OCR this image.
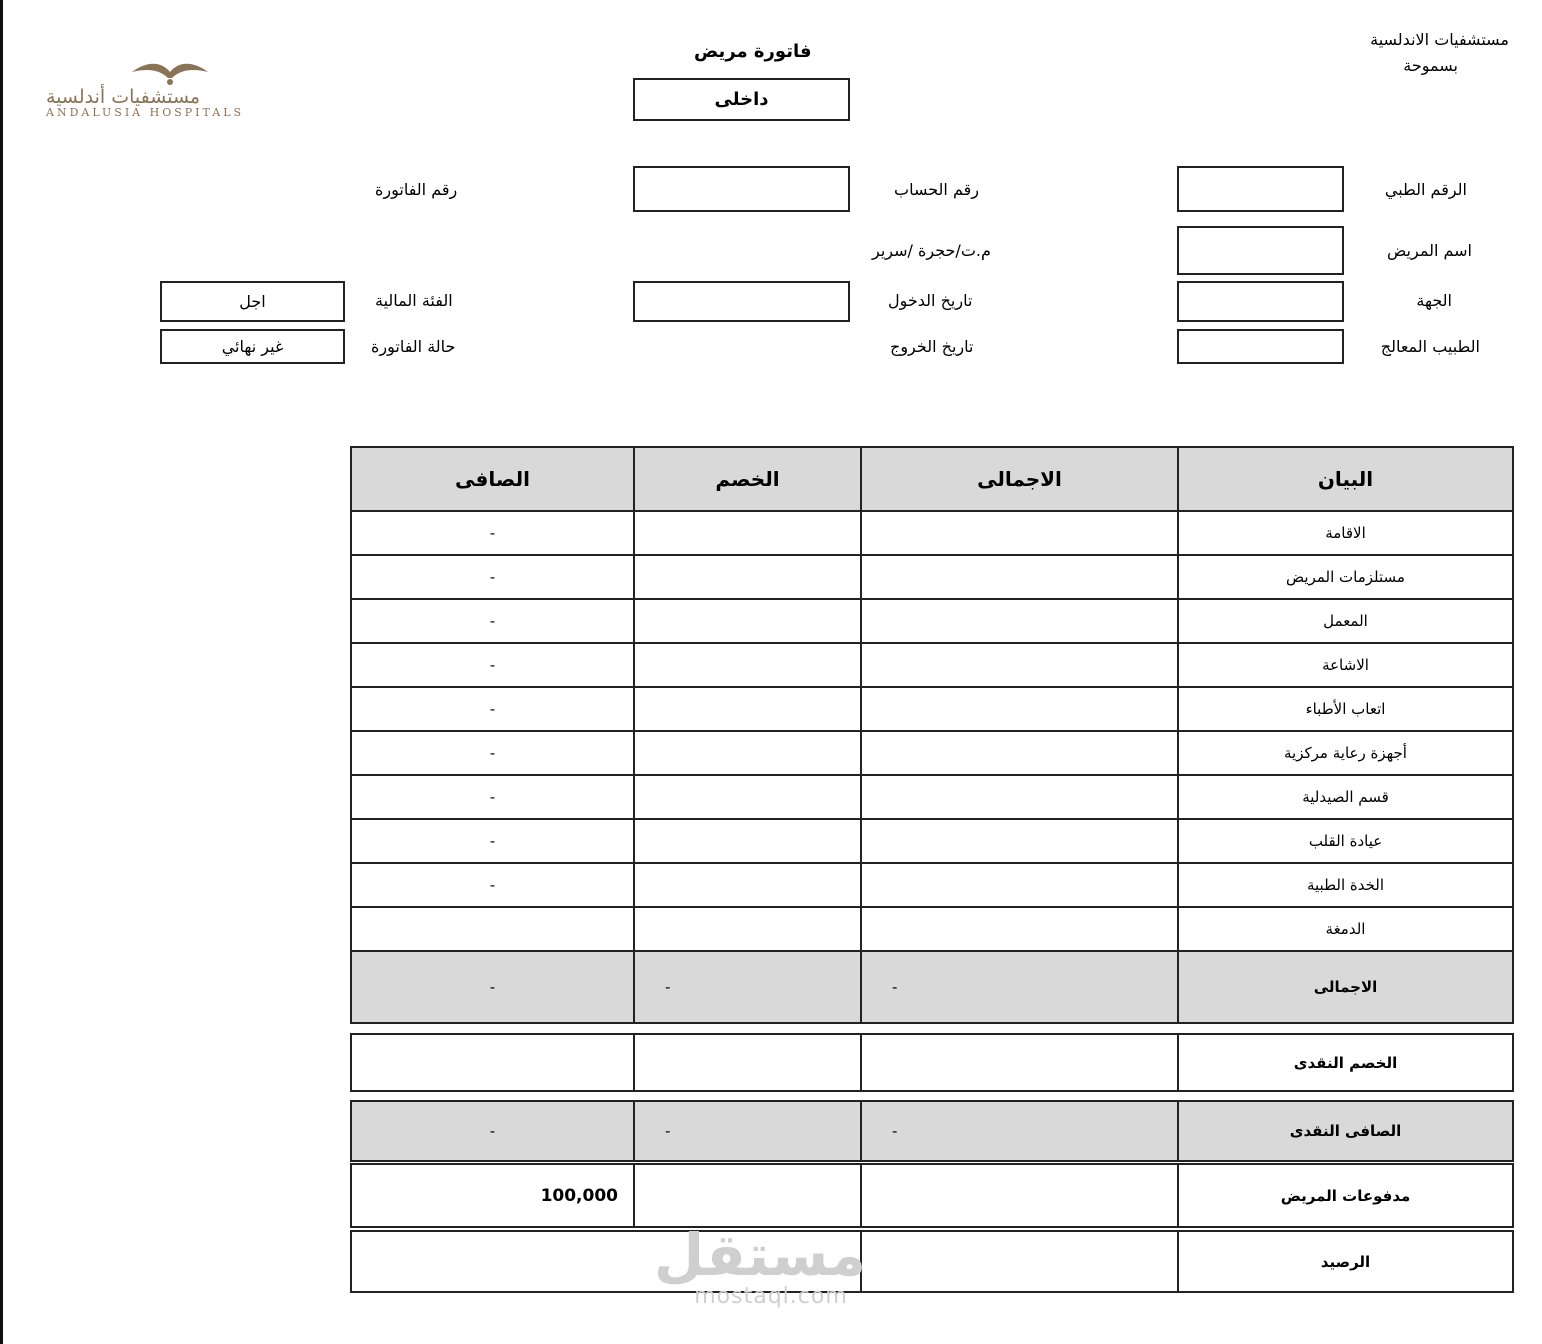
مستشفيات الاندلسية
بسموحة
مستشفيات أندلسية
ANDALUSIA HOSPITALS
فاتورة مريض
داخلى
الرقم الطبي
رقم الحساب
رقم الفاتورة
اسم المريض
م.ت/حجرة /سرير
الجهة
تاريخ الدخول
الفئة المالية
اجل
الطبيب المعالج
تاريخ الخروج
حالة الفاتورة
غير نهائي
البيان	الاجمالى	الخصم	الصافى
الاقامة			-
مستلزمات المريض			-
المعمل			-
الاشاعة			-
اتعاب الأطباء			-
أجهزة رعاية مركزية			-
قسم الصيدلية			-
عيادة القلب			-
الخدة الطبية			-
الدمغة			
الاجمالى	-	-	-
الخصم النقدى			
الصافى النقدى	-	-	-
مدفوعات المريض			100,000
الرصيد		
مستقل
mostaql.com
